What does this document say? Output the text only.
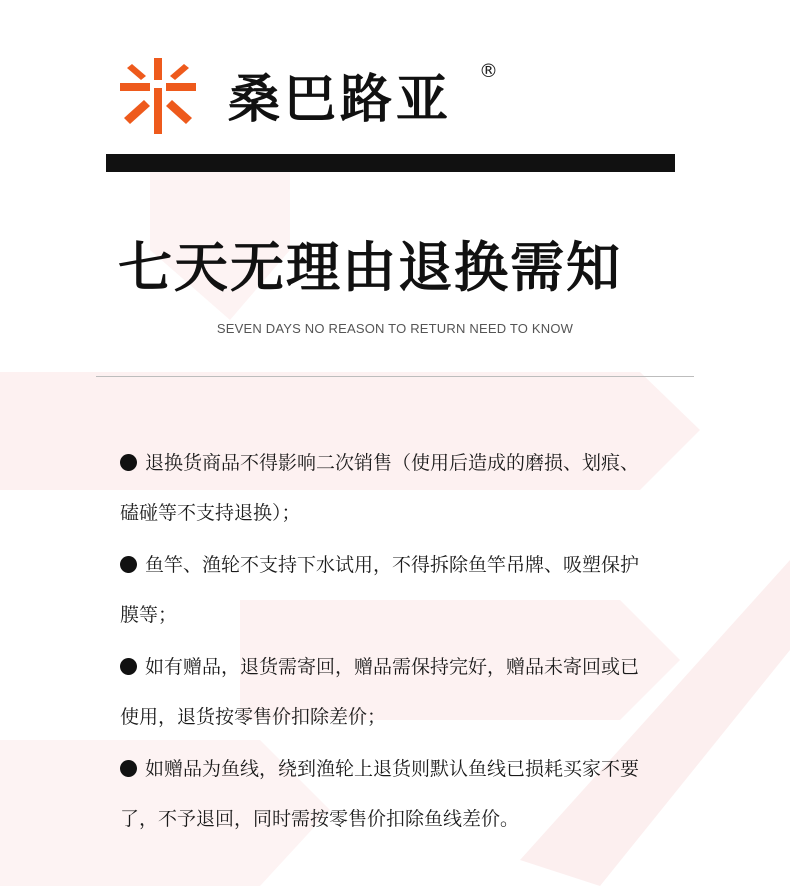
桑巴路亚 ®
七天无理由退换需知
SEVEN DAYS NO REASON TO RETURN NEED TO KNOW
退换货商品不得影响二次销售（使用后造成的磨损、划痕、
磕碰等不支持退换）；
鱼竿、渔轮不支持下水试用，不得拆除鱼竿吊牌、吸塑保护
膜等；
如有赠品，退货需寄回，赠品需保持完好，赠品未寄回或已
使用，退货按零售价扣除差价；
如赠品为鱼线，绕到渔轮上退货则默认鱼线已损耗买家不要
了，不予退回，同时需按零售价扣除鱼线差价。
